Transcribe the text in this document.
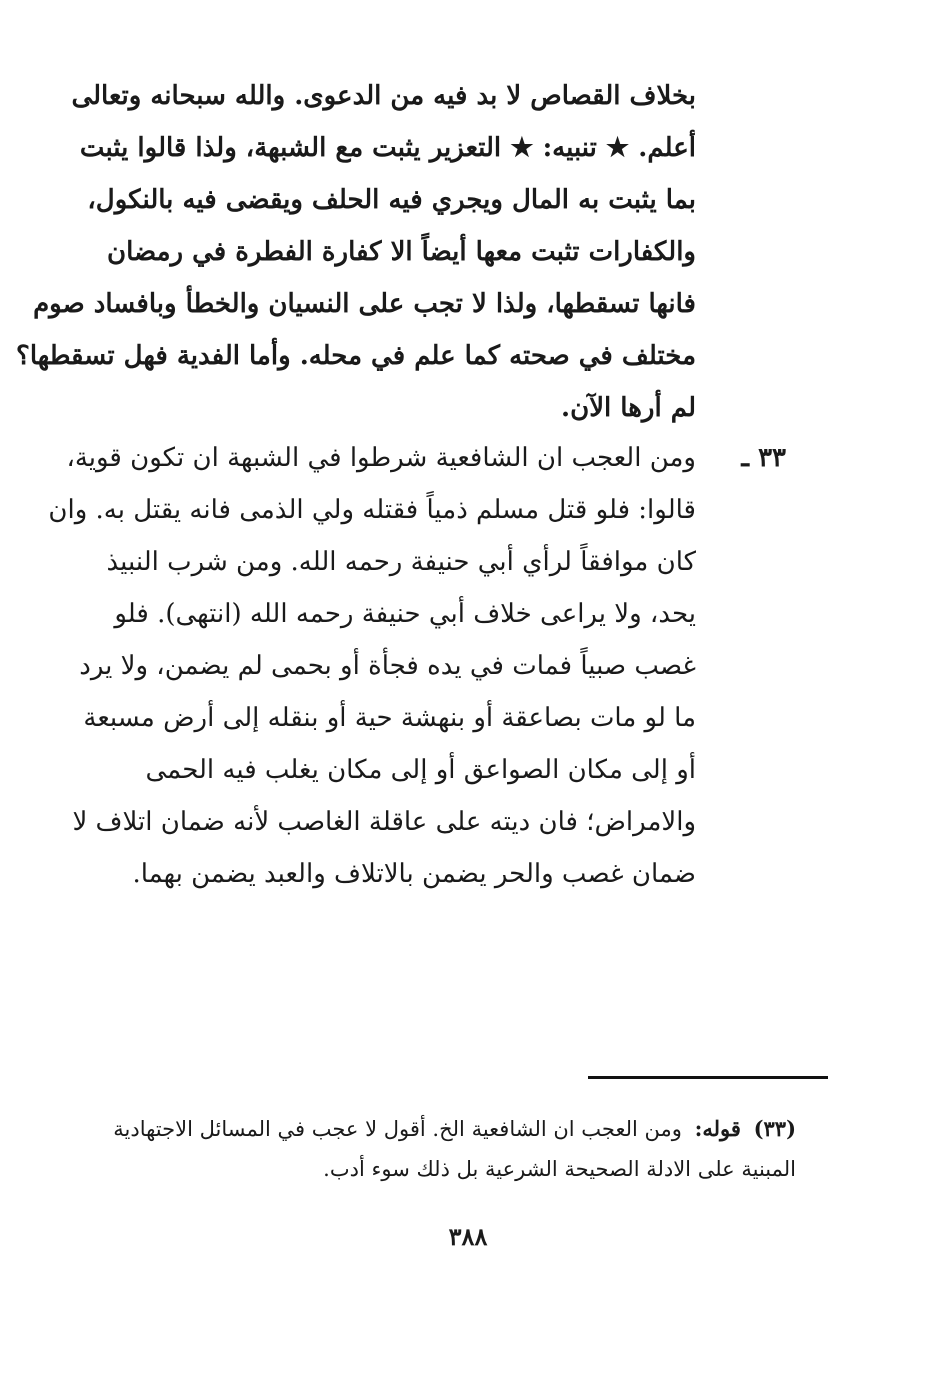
بخلاف القصاص لا بد فيه من الدعوى. والله سبحانه وتعالى
أعلم. ★ تنبيه: ★ التعزير يثبت مع الشبهة، ولذا قالوا يثبت
بما يثبت به المال ويجري فيه الحلف ويقضى فيه بالنكول،
والكفارات تثبت معها أيضاً الا كفارة الفطرة في رمضان
فانها تسقطها، ولذا لا تجب على النسيان والخطأ وبافساد صوم
مختلف في صحته كما علم في محله. وأما الفدية فهل تسقطها؟
لم أرها الآن.
٣٣ ـ
ومن العجب ان الشافعية شرطوا في الشبهة ان تكون قوية،
قالوا: فلو قتل مسلم ذمياً فقتله ولي الذمى فانه يقتل به. وان
كان موافقاً لرأي أبي حنيفة رحمه الله. ومن شرب النبيذ
يحد، ولا يراعى خلاف أبي حنيفة رحمه الله (انتهى). فلو
غصب صبياً فمات في يده فجأة أو بحمى لم يضمن، ولا يرد
ما لو مات بصاعقة أو بنهشة حية أو بنقله إلى أرض مسبعة
أو إلى مكان الصواعق أو إلى مكان يغلب فيه الحمى
والامراض؛ فان ديته على عاقلة الغاصب لأنه ضمان اتلاف لا
ضمان غصب والحر يضمن بالاتلاف والعبد يضمن بهما.
(٣٣) قوله: ومن العجب ان الشافعية الخ. أقول لا عجب في المسائل الاجتهادية
المبنية على الادلة الصحيحة الشرعية بل ذلك سوء أدب.
٣٨٨
